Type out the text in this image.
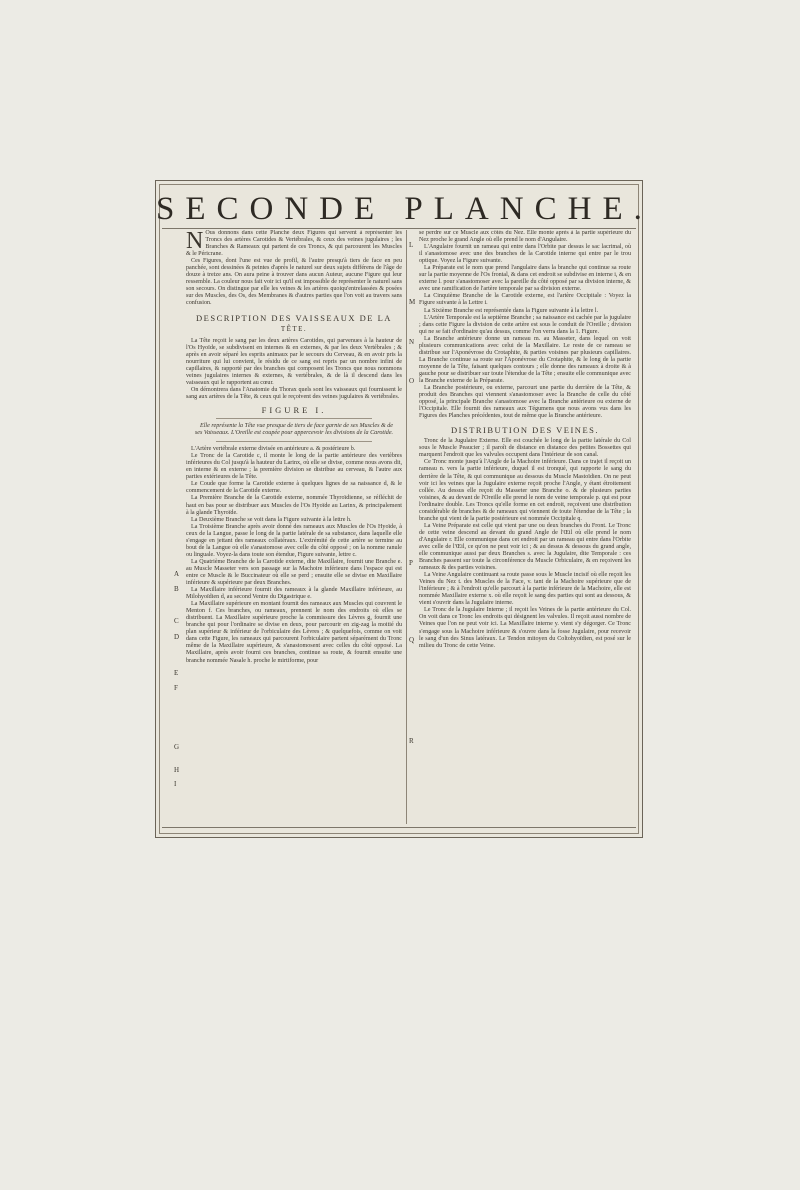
SECONDE PLANCHE.
A
B
C
D
E
F
G
H
I
L
M
N
O
P
Q
R

N Ous donnons dans cette Planche deux Figures qui servent à représenter les Troncs des artères Carotides & Vertébrales, & ceux des veines jugulaires ; les Branches & Rameaux qui partent de ces Troncs, & qui parcourent les Muscles & le Péricrane.

Ces Figures, dont l'une est vue de profil, & l'autre presqu'à tiers de face en peu panchée, sont dessinées & peintes d'après le naturel sur deux sujets différens de l'âge de douze à treize ans. On aura peine à trouver dans aucun Auteur, aucune Figure qui leur ressemble. La couleur nous fait voir ici qu'il est impossible de représenter le naturel sans son secours. On distingue par elle les veines & les artères quoiqu'entrelassées & posées sur des Muscles, des Os, des Membranes & d'autres parties que l'on voit au travers sans confusion.

DESCRIPTION DES VAISSEAUX DE LA
TÊTE.

La Tête reçoit le sang par les deux artères Carotides, qui parvenues à la hauteur de l'Os Hyoïde, se subdivisent en internes & en externes, & par les deux Vertébrales ; & après en avoir séparé les esprits animaux par le secours du Cerveau, & en avoir pris la nourriture qui lui convient, le résidu de ce sang est repris par un nombre infini de capillaires, & rapporté par des branches qui composent les Troncs que nous nommons veines jugulaires internes & externes, & vertébrales, & de là il descend dans les vaisseaux qui le rapportent au cœur.

On démontrera dans l'Anatomie du Thorax quels sont les vaisseaux qui fournissent le sang aux artères de la Tête, & ceux qui le reçoivent des veines jugulaires & vertébrales.

FIGURE I.

Elle représente la Tête vue presque de tiers de face garnie de ses Muscles & de ses Vaisseaux. L'Oreille est coupée pour appercevoir les divisions de la Carotide.

L'Artère vertébrale externe divisée en antérieure a. & postérieure b.

Le Tronc de la Carotide c, il monte le long de la partie antérieure des vertèbres inférieures du Col jusqu'à la hauteur du Larinx, où elle se divise, comme nous avons dit, en interne & en externe ; la première division se distribue au cerveau, & l'autre aux parties extérieures de la Tête.

Le Coude que forme la Carotide externe à quelques lignes de sa naissance d, & le commencement de la Carotide externe.

La Première Branche de la Carotide externe, nommée Thyroïdienne, se réfléchit de haut en bas pour se distribuer aux Muscles de l'Os Hyoïde au Larinx, & principalement à la glande Thyroïde.

La Deuxième Branche se voit dans la Figure suivante à la lettre h.

La Troisième Branche après avoir donné des rameaux aux Muscles de l'Os Hyoïde, à ceux de la Langue, passe le long de la partie latérale de sa substance, dans laquelle elle s'engage en jettant des rameaux collatéraux. L'extrémité de cette artère se termine au bout de la Langue où elle s'anastomose avec celle du côté opposé ; on la nomme ranule ou linguale. Voyez-la dans toute son étendue, Figure suivante, lettre c.

La Quatrième Branche de la Carotide externe, dite Maxillaire, fournit une Branche e. au Muscle Masseter vers son passage sur la Machoire inférieure dans l'espace qui est entre ce Muscle & le Buccinateur où elle se perd ; ensuite elle se divise en Maxillaire inférieure & supérieure par deux Branches.

La Maxillaire inférieure fournit des rameaux à la glande Maxillaire inférieure, au Milohyoïdien d, au second Ventre du Digastrique e.

La Maxillaire supérieure en montant fournit des rameaux aux Muscles qui couvrent le Menton f. Ces branches, ou rameaux, prennent le nom des endroits où elles se distribuent. La Maxillaire supérieure proche la commissure des Lèvres g, fournit une branche qui pour l'ordinaire se divise en deux, pour parcourir en zig-zag la moitié du plan supérieur & inférieur de l'orbiculaire des Lèvres ; & quelquefois, comme on voit dans cette Figure, les rameaux qui parcourent l'orbiculaire partent séparément du Tronc même de la Maxillaire supérieure, & s'anastomosent avec celles du côté opposé. La Maxillaire, après avoir fourni ces branches, continue sa route, & fournit ensuite une branche nommée Nasale h. proche le mirtiforme, pour

se perdre sur ce Muscle aux côtés du Nez. Elle monte après à la partie supérieure du Nez proche le grand Angle où elle prend le nom d'Angulaire.

L'Angulaire fournit un rameau qui entre dans l'Orbite par dessus le sac lacrimal, où il s'anastomose avec une des branches de la Carotide interne qui entre par le trou optique. Voyez la Figure suivante.

La Préparate est le nom que prend l'angulaire dans la branche qui continue sa route sur la partie moyenne de l'Os frontal, & dans cet endroit se subdivise en interne i, & en externe l. pour s'anastomoser avec la pareille du côté opposé par sa division interne, & avec une ramification de l'artère temporale par sa division externe.

La Cinquième Branche de la Carotide externe, est l'artère Occipitale : Voyez la Figure suivante à la Lettre i.

La Sixième Branche est représentée dans la Figure suivante à la lettre l.

L'Artère Temporale est la septième Branche ; sa naissance est cachée par la jugulaire ; dans cette Figure la division de cette artère est sous le conduit de l'Oreille ; division qui ne se fait d'ordinaire qu'au dessus, comme l'on verra dans la 1. Figure.

La Branche antérieure donne un rameau m. au Masseter, dans lequel on voit plusieurs communications avec celui de la Maxillaire. Le reste de ce rameau se distribue sur l'Aponévrose du Crotaphite, & parties voisines par plusieurs capillaires. La Branche continue sa route sur l'Aponévrose du Crotaphite, & le long de la partie moyenne de la Tête, faisant quelques contours ; elle donne des rameaux à droite & à gauche pour se distribuer sur toute l'étendue de la Tête ; ensuite elle communique avec la Branche externe de la Préparate.

La Branche postérieure, ou externe, parcourt une partie du derrière de la Tête, & produit des Branches qui viennent s'anastomoser avec la Branche de celle du côté opposé, la principale Branche s'anastomose avec la Branche antérieure ou externe de l'Occipitale. Elle fournit des rameaux aux Tégumens que nous avons vus dans les Figures des Planches précédentes, tout de même que la Branche antérieure.

DISTRIBUTION DES VEINES.

Tronc de la Jugulaire Externe. Elle est couchée le long de la partie latérale du Col sous le Muscle Peaucier ; il paroît de distance en distance des petites Bossettes qui marquent l'endroit que les valvules occupent dans l'intérieur de son canal.

Ce Tronc monte jusqu'à l'Angle de la Machoire inférieure. Dans ce trajet il reçoit un rameau n. vers la partie inférieure, duquel il est tronqué, qui rapporte le sang du derrière de la Tête, & qui communique au dessous du Muscle Mastoïdien. On ne peut voir ici les veines que la Jugulaire externe reçoit proche l'Angle, y étant étroitement collée. Au dessus elle reçoit du Masseter une Branche o. & de plusieurs parties voisines, & au devant de l'Oreille elle prend le nom de veine temporale p. qui est pour l'ordinaire double. Les Troncs qu'elle forme en cet endroit, reçoivent une distribution considérable de branches & de rameaux qui viennent de toute l'étendue de la Tête ; la branche qui vient de la partie postérieure est nommée Occipitale q.

La Veine Préparate est celle qui vient par une ou deux branches du Front. Le Tronc de cette veine descend au devant du grand Angle de l'Œil où elle prend le nom d'Angulaire r. Elle communique dans cet endroit par un rameau qui entre dans l'Orbite avec celle de l'Œil, ce qu'on ne peut voir ici ; & au dessus & dessous du grand angle, elle communique aussi par deux Branches s. avec la Jugulaire, dite Temporale : ces Branches passent sur toute la circonférence du Muscle Orbiculaire, & en reçoivent les rameaux & des parties voisines.

La Veine Angulaire continuant sa route passe sous le Muscle incisif où elle reçoit les Veines du Nez t. des Muscles de la Face, v. tant de la Machoire supérieure que de l'inférieure ; & à l'endroit qu'elle parcourt à la partie inférieure de la Machoire, elle est nommée Maxillaire externe x. où elle reçoit le sang des parties qui sont au dessous, & vient s'ouvrir dans la Jugulaire interne.

Le Tronc de la Jugulaire Interne ; il reçoit les Veines de la partie antérieure du Col. On voit dans ce Tronc les endroits qui désignent les valvules. Il reçoit aussi nombre de Veines que l'on ne peut voir ici. La Maxillaire interne y. vient s'y dégorger. Ce Tronc s'engage sous la Machoire inférieure & s'ouvre dans la fosse Jugulaire, pour recevoir le sang d'un des Sinus latéraux. Le Tendon mitoyen du Coltohyoïdien, est posé sur le milieu du Tronc de cette Veine.
